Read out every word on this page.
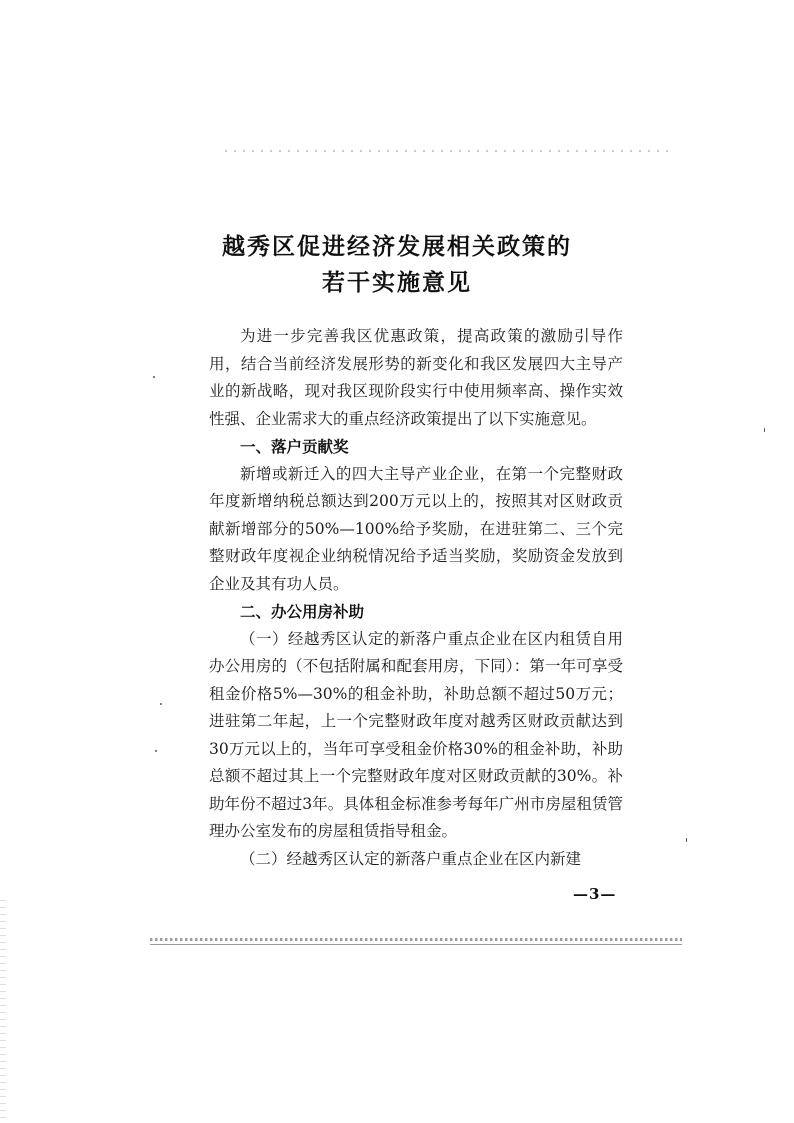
越秀区促进经济发展相关政策的
若干实施意见

为进一步完善我区优惠政策，提高政策的激励引导作用，结合当前经济发展形势的新变化和我区发展四大主导产业的新战略，现对我区现阶段实行中使用频率高、操作实效性强、企业需求大的重点经济政策提出了以下实施意见。

一、落户贡献奖

新增或新迁入的四大主导产业企业，在第一个完整财政年度新增纳税总额达到200万元以上的，按照其对区财政贡献新增部分的50%—100%给予奖励，在进驻第二、三个完整财政年度视企业纳税情况给予适当奖励，奖励资金发放到企业及其有功人员。

二、办公用房补助

（一）经越秀区认定的新落户重点企业在区内租赁自用办公用房的（不包括附属和配套用房，下同）：第一年可享受租金价格5%—30%的租金补助，补助总额不超过50万元；进驻第二年起，上一个完整财政年度对越秀区财政贡献达到30万元以上的，当年可享受租金价格30%的租金补助，补助总额不超过其上一个完整财政年度对区财政贡献的30%。补助年份不超过3年。具体租金标准参考每年广州市房屋租赁管理办公室发布的房屋租赁指导租金。

（二）经越秀区认定的新落户重点企业在区内新建

—3—
